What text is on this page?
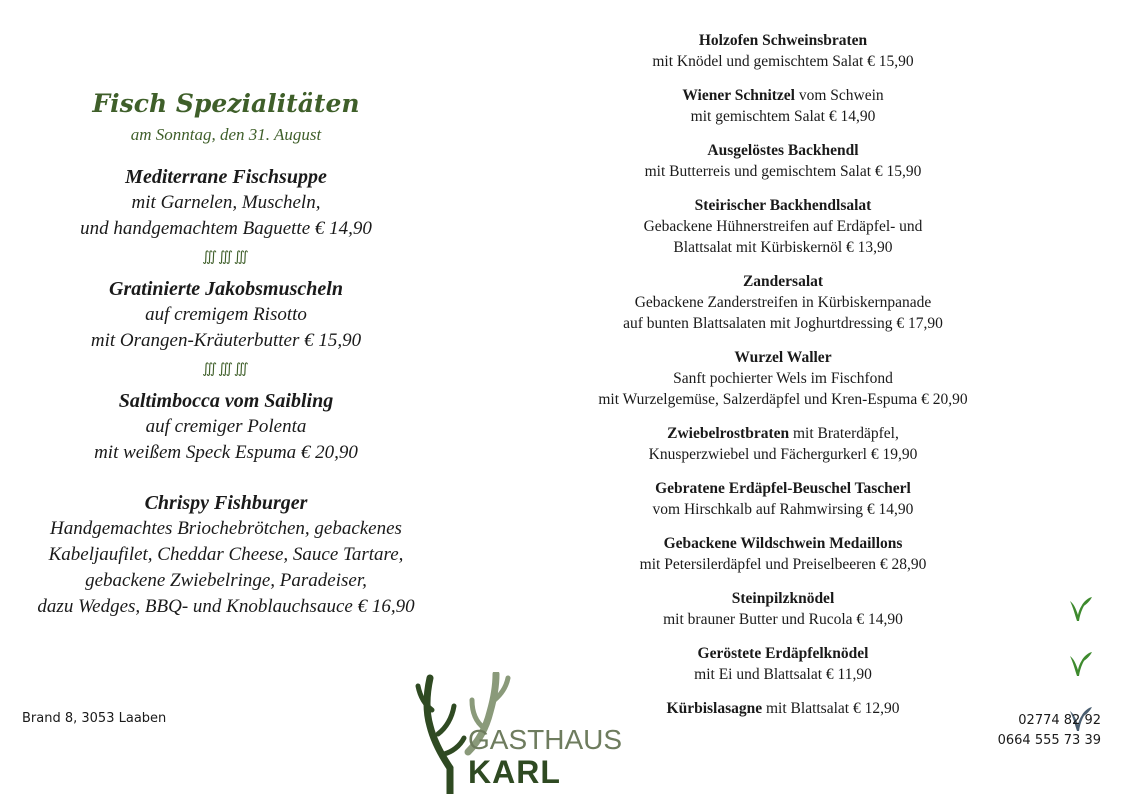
Fisch Spezialitäten
am Sonntag, den 31. August
Mediterrane Fischsuppe
mit Garnelen, Muscheln,
und handgemachtem Baguette € 14,90
∭∭∭
Gratinierte Jakobsmuscheln
auf cremigem Risotto
mit Orangen-Kräuterbutter € 15,90
∭∭∭
Saltimbocca vom Saibling
auf cremiger Polenta
mit weißem Speck Espuma € 20,90
Chrispy Fishburger
Handgemachtes Briochebrötchen, gebackenes
Kabeljaufilet, Cheddar Cheese, Sauce Tartare,
gebackene Zwiebelringe, Paradeiser,
dazu Wedges, BBQ- und Knoblauchsauce € 16,90
Holzofen Schweinsbraten
mit Knödel und gemischtem Salat € 15,90
Wiener Schnitzel vom Schwein
mit gemischtem Salat € 14,90
Ausgelöstes Backhendl
mit Butterreis und gemischtem Salat € 15,90
Steirischer Backhendlsalat
Gebackene Hühnerstreifen auf Erdäpfel- und
Blattsalat mit Kürbiskernöl € 13,90
Zandersalat
Gebackene Zanderstreifen in Kürbiskernpanade
auf bunten Blattsalaten mit Joghurtdressing € 17,90
Wurzel Waller
Sanft pochierter Wels im Fischfond
mit Wurzelgemüse, Salzerdäpfel und Kren-Espuma € 20,90
Zwiebelrostbraten mit Braterdäpfel,
Knusperzwiebel und Fächergurkerl € 19,90
Gebratene Erdäpfel-Beuschel Tascherl
vom Hirschkalb auf Rahmwirsing € 14,90
Gebackene Wildschwein Medaillons
mit Petersilerdäpfel und Preiselbeeren € 28,90
Steinpilzknödel
mit brauner Butter und Rucola € 14,90
Geröstete Erdäpfelknödel
mit Ei und Blattsalat € 11,90
Kürbislasagne mit Blattsalat € 12,90
Brand 8, 3053 Laaben	02774 82 92
0664 555 73 39
GASTHAUS
KARL
